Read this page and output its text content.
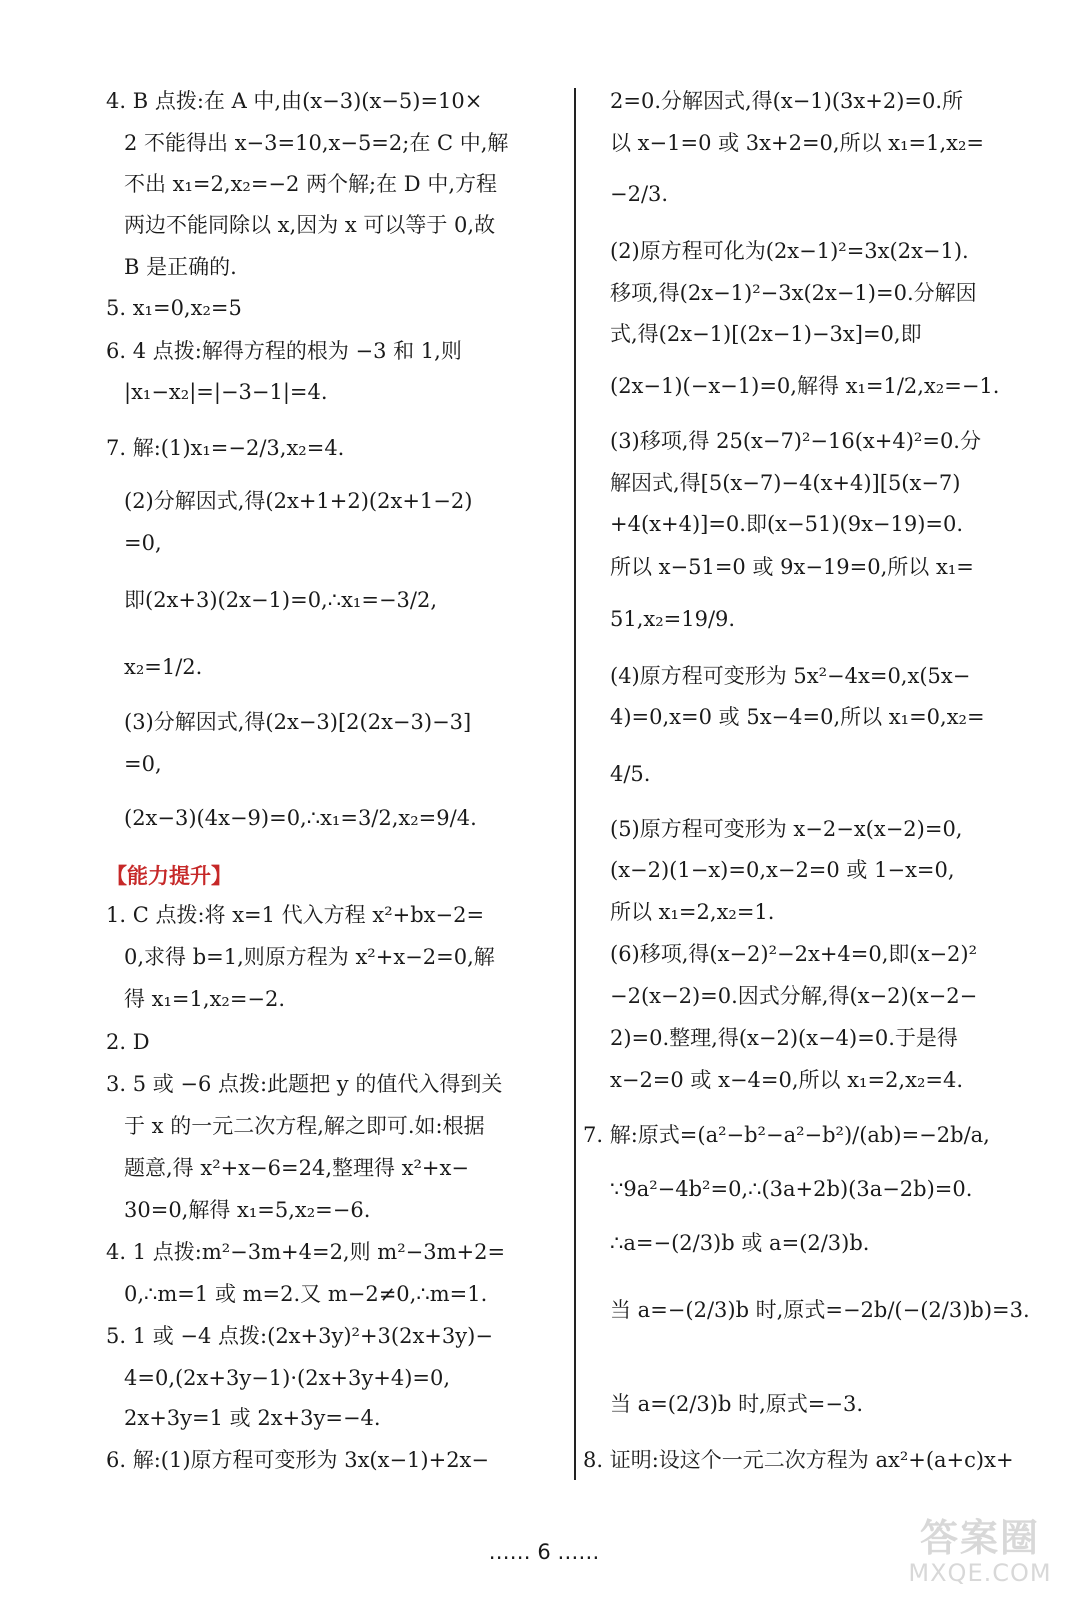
4. B 点拨:在 A 中,由(x−3)(x−5)=10×
2 不能得出 x−3=10,x−5=2;在 C 中,解
不出 x₁=2,x₂=−2 两个解;在 D 中,方程
两边不能同除以 x,因为 x 可以等于 0,故
B 是正确的.
5. x₁=0,x₂=5
6. 4 点拨:解得方程的根为 −3 和 1,则
|x₁−x₂|=|−3−1|=4.
7. 解:(1)x₁=−2/3,x₂=4.
(2)分解因式,得(2x+1+2)(2x+1−2)
=0,
即(2x+3)(2x−1)=0,∴x₁=−3/2,
x₂=1/2.
(3)分解因式,得(2x−3)[2(2x−3)−3]
=0,
(2x−3)(4x−9)=0,∴x₁=3/2,x₂=9/4.
【能力提升】
1. C 点拨:将 x=1 代入方程 x²+bx−2=
0,求得 b=1,则原方程为 x²+x−2=0,解
得 x₁=1,x₂=−2.
2. D
3. 5 或 −6 点拨:此题把 y 的值代入得到关
于 x 的一元二次方程,解之即可.如:根据
题意,得 x²+x−6=24,整理得 x²+x−
30=0,解得 x₁=5,x₂=−6.
4. 1 点拨:m²−3m+4=2,则 m²−3m+2=
0,∴m=1 或 m=2.又 m−2≠0,∴m=1.
5. 1 或 −4 点拨:(2x+3y)²+3(2x+3y)−
4=0,(2x+3y−1)·(2x+3y+4)=0,
2x+3y=1 或 2x+3y=−4.
6. 解:(1)原方程可变形为 3x(x−1)+2x−
2=0.分解因式,得(x−1)(3x+2)=0.所
以 x−1=0 或 3x+2=0,所以 x₁=1,x₂=
−2/3.
(2)原方程可化为(2x−1)²=3x(2x−1).
移项,得(2x−1)²−3x(2x−1)=0.分解因
式,得(2x−1)[(2x−1)−3x]=0,即
(2x−1)(−x−1)=0,解得 x₁=1/2,x₂=−1.
(3)移项,得 25(x−7)²−16(x+4)²=0.分
解因式,得[5(x−7)−4(x+4)][5(x−7)
+4(x+4)]=0.即(x−51)(9x−19)=0.
所以 x−51=0 或 9x−19=0,所以 x₁=
51,x₂=19/9.
(4)原方程可变形为 5x²−4x=0,x(5x−
4)=0,x=0 或 5x−4=0,所以 x₁=0,x₂=
4/5.
(5)原方程可变形为 x−2−x(x−2)=0,
(x−2)(1−x)=0,x−2=0 或 1−x=0,
所以 x₁=2,x₂=1.
(6)移项,得(x−2)²−2x+4=0,即(x−2)²
−2(x−2)=0.因式分解,得(x−2)(x−2−
2)=0.整理,得(x−2)(x−4)=0.于是得
x−2=0 或 x−4=0,所以 x₁=2,x₂=4.
7. 解:原式=(a²−b²−a²−b²)/(ab)=−2b/a,
∵9a²−4b²=0,∴(3a+2b)(3a−2b)=0.
∴a=−(2/3)b 或 a=(2/3)b.
当 a=−(2/3)b 时,原式=−2b/(−(2/3)b)=3.
当 a=(2/3)b 时,原式=−3.
8. 证明:设这个一元二次方程为 ax²+(a+c)x+
…… 6 ……	答案圈
MXQE.COM
